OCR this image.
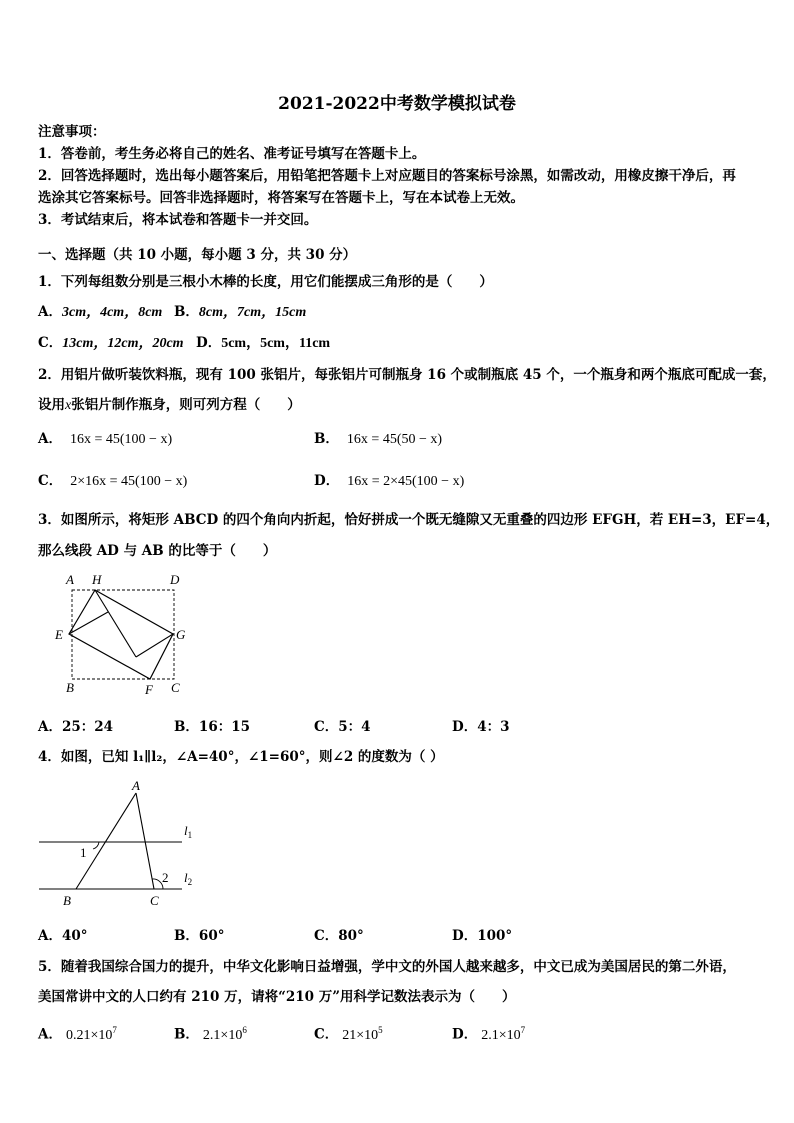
2021-2022中考数学模拟试卷
注意事项：
1．答卷前，考生务必将自己的姓名、准考证号填写在答题卡上。
2．回答选择题时，选出每小题答案后，用铅笔把答题卡上对应题目的答案标号涂黑，如需改动，用橡皮擦干净后，再
选涂其它答案标号。回答非选择题时，将答案写在答题卡上，写在本试卷上无效。
3．考试结束后，将本试卷和答题卡一并交回。
一、选择题（共 10 小题，每小题 3 分，共 30 分）
1．下列每组数分别是三根小木棒的长度，用它们能摆成三角形的是（　　）
A．3cm，4cm，8cm B．8cm，7cm，15cm
C．13cm，12cm，20cm D．5cm，5cm，11cm
2．用铝片做听装饮料瓶，现有 100 张铝片，每张铝片可制瓶身 16 个或制瓶底 45 个，一个瓶身和两个瓶底可配成一套，
设用x张铝片制作瓶身，则可列方程（　　）
A． 16x = 45(100 − x)	B． 16x = 45(50 − x)
C． 2×16x = 45(100 − x)	D． 16x = 2×45(100 − x)
3．如图所示，将矩形 ABCD 的四个角向内折起，恰好拼成一个既无缝隙又无重叠的四边形 EFGH，若 EH=3，EF=4，
那么线段 AD 与 AB 的比等于（　　）
A H	D
E	G
B	F C
A．25：24	B．16：15	C．5：4	D．4：3
4．如图，已知 l₁∥l₂，∠A=40°，∠1=60°，则∠2 的度数为（ ）
A
1
2
$l_1$
$l_2$
B	C
A．40°	B．60°	C．80°	D．100°
5．随着我国综合国力的提升，中华文化影响日益增强，学中文的外国人越来越多，中文已成为美国居民的第二外语，
美国常讲中文的人口约有 210 万，请将“210 万”用科学记数法表示为（　　）
A． $0.21\times 10^7$	B． $2.1\times 10^6$	C． $21\times 10^5$	D． $2.1\times 10^7$
